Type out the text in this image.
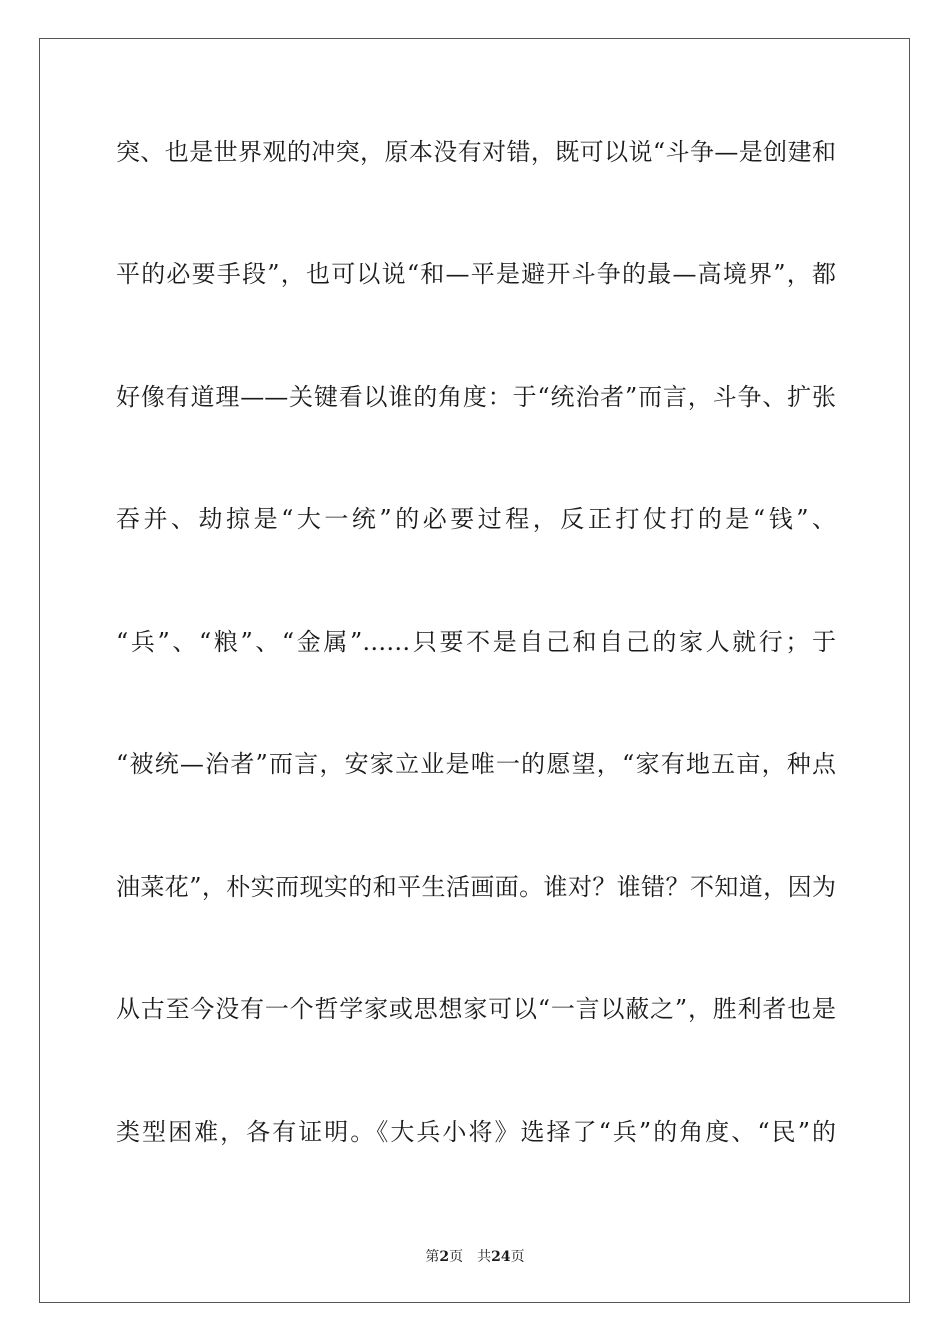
突、也是世界观的冲突，原本没有对错，既可以说“斗争—是创建和
平的必要手段”，也可以说“和—平是避开斗争的最—高境界”，都
好像有道理——关键看以谁的角度：于“统治者”而言，斗争、扩张
吞并、劫掠是“大一统”的必要过程，反正打仗打的是“钱”、
“兵”、“粮”、“金属”……只要不是自己和自己的家人就行；于
“被统—治者”而言，安家立业是唯一的愿望，“家有地五亩，种点
油菜花”，朴实而现实的和平生活画面。谁对？谁错？不知道，因为
从古至今没有一个哲学家或思想家可以“一言以蔽之”，胜利者也是
类型困难，各有证明。《大兵小将》选择了“兵”的角度、“民”的
第2页 共24页
